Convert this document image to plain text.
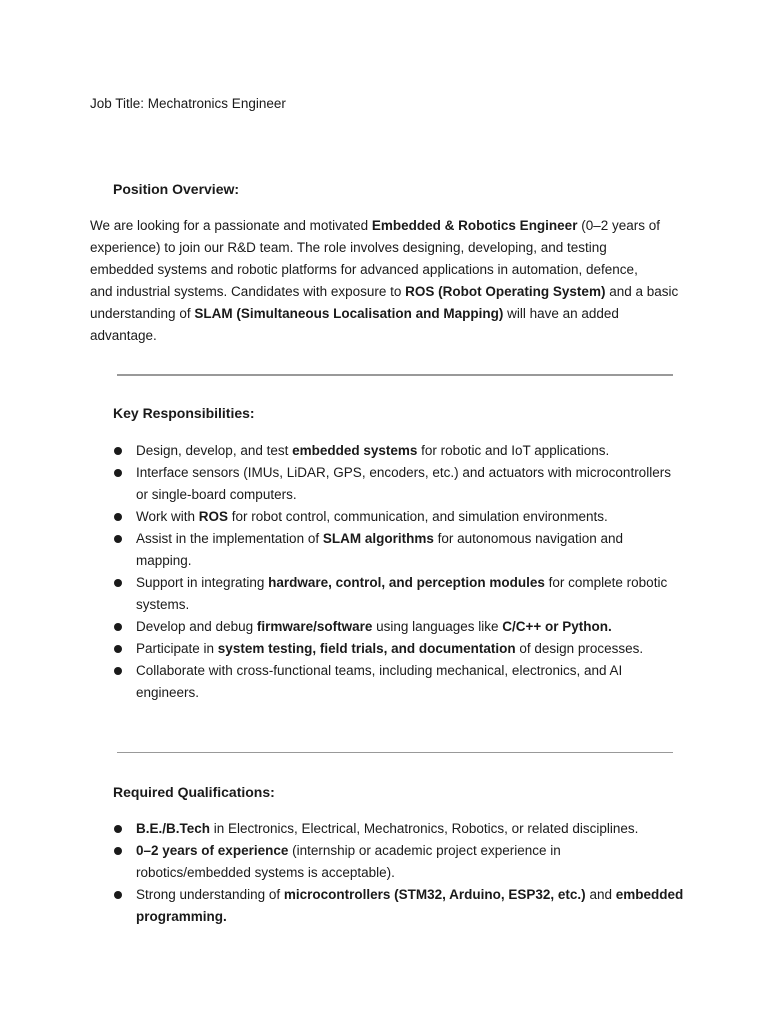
Job Title: Mechatronics Engineer
Position Overview:

We are looking for a passionate and motivated Embedded & Robotics Engineer (0–2 years of
experience) to join our R&D team. The role involves designing, developing, and testing
embedded systems and robotic platforms for advanced applications in automation, defence,
and industrial systems. Candidates with exposure to ROS (Robot Operating System) and a basic
understanding of SLAM (Simultaneous Localisation and Mapping) will have an added
advantage.

Key Responsibilities:
Design, develop, and test embedded systems for robotic and IoT applications.
Interface sensors (IMUs, LiDAR, GPS, encoders, etc.) and actuators with microcontrollers
or single-board computers.
Work with ROS for robot control, communication, and simulation environments.
Assist in the implementation of SLAM algorithms for autonomous navigation and
mapping.
Support in integrating hardware, control, and perception modules for complete robotic
systems.
Develop and debug firmware/software using languages like C/C++ or Python.
Participate in system testing, field trials, and documentation of design processes.
Collaborate with cross-functional teams, including mechanical, electronics, and AI
engineers.
Required Qualifications:
B.E./B.Tech in Electronics, Electrical, Mechatronics, Robotics, or related disciplines.
0–2 years of experience (internship or academic project experience in
robotics/embedded systems is acceptable).
Strong understanding of microcontrollers (STM32, Arduino, ESP32, etc.) and embedded
programming.
